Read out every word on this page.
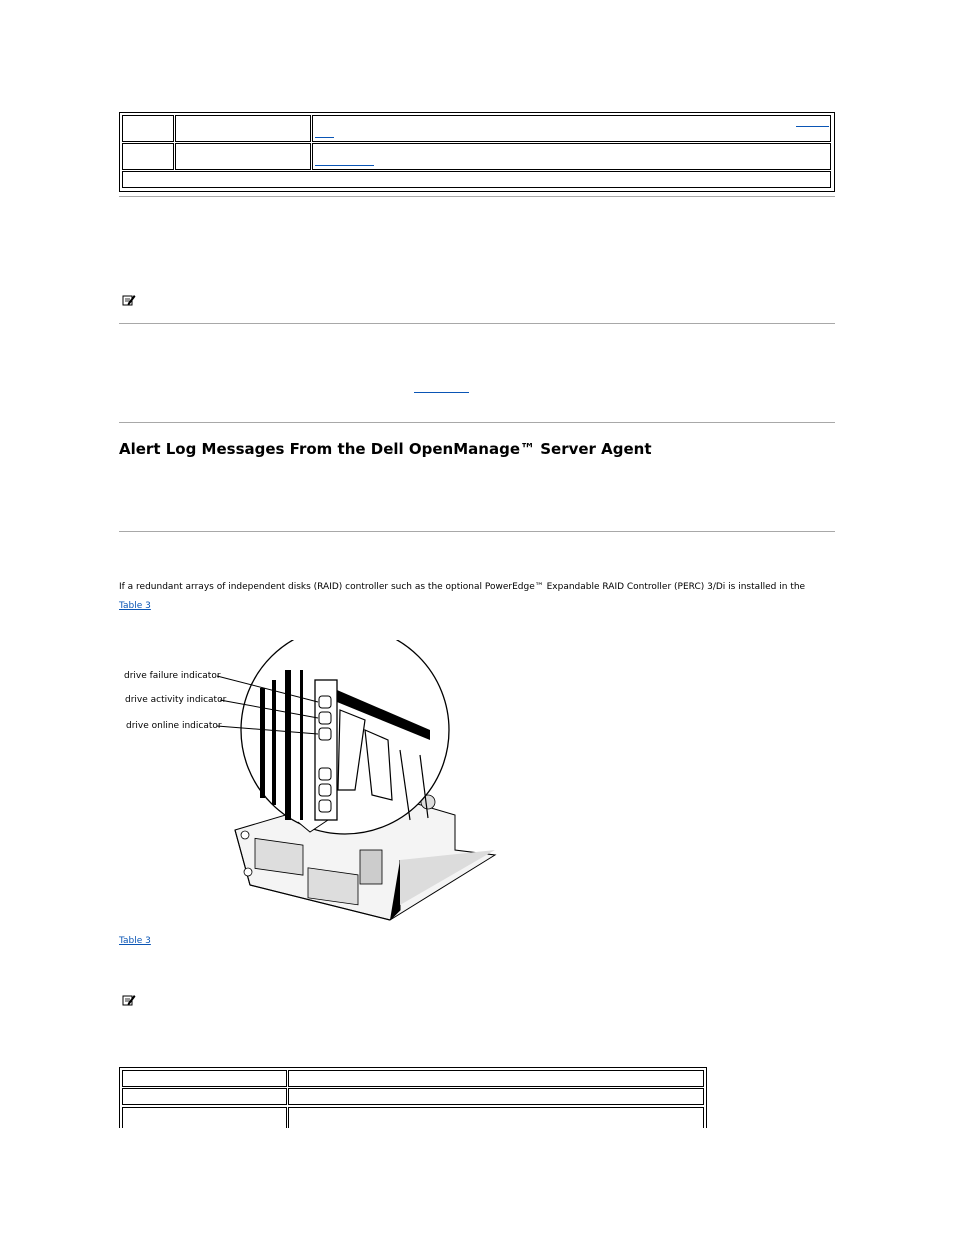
Alert Log Messages From the Dell OpenManage™ Server Agent
If a redundant arrays of independent disks (RAID) controller such as the optional PowerEdge™ Expandable RAID Controller (PERC) 3/Di is installed in the
Table 3
drive failure indicator
drive activity indicator
drive online indicator
Table 3
